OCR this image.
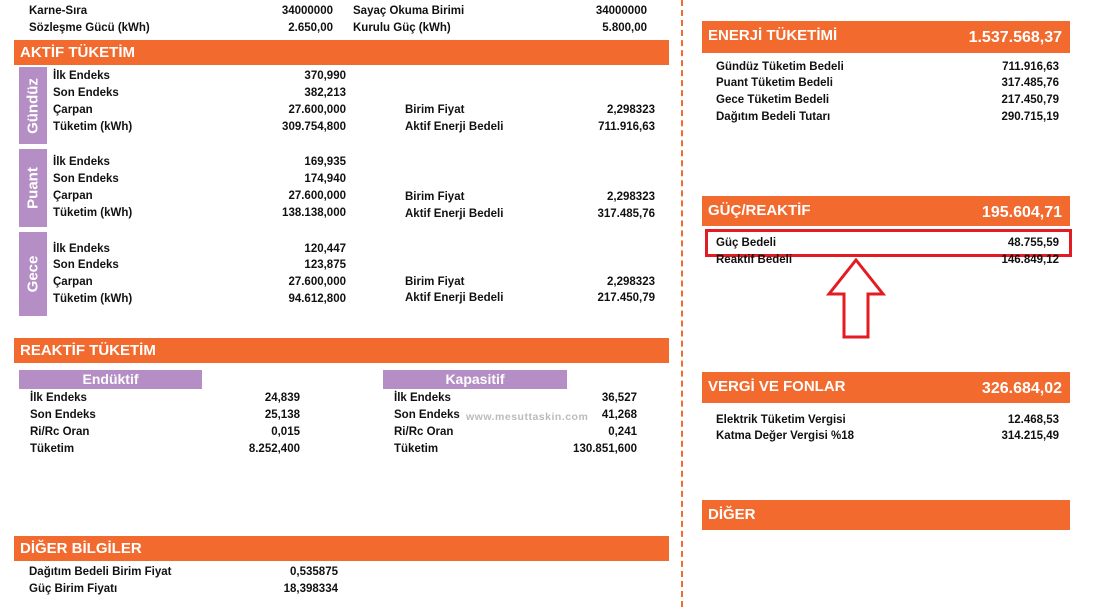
Karne-Sıra	34000000
Sözleşme Gücü (kWh)	2.650,00
Sayaç Okuma Birimi	34000000
Kurulu Güç (kWh)	5.800,00
AKTİF TÜKETİM
Gündüz
İlk Endeks	370,990
Son Endeks	382,213
Çarpan	27.600,000
Tüketim (kWh)	309.754,800
Birim Fiyat	2,298323
Aktif Enerji Bedeli	711.916,63
Puant
İlk Endeks	169,935
Son Endeks	174,940
Çarpan	27.600,000
Tüketim (kWh)	138.138,000
Birim Fiyat	2,298323
Aktif Enerji Bedeli	317.485,76
Gece
İlk Endeks	120,447
Son Endeks	123,875
Çarpan	27.600,000
Tüketim (kWh)	94.612,800
Birim Fiyat	2,298323
Aktif Enerji Bedeli	217.450,79
REAKTİF TÜKETİM
Endüktif
İlk Endeks	24,839
Son Endeks	25,138
Ri/Rc Oran	0,015
Tüketim	8.252,400
Kapasitif
İlk Endeks	36,527
Son Endeks	41,268
Ri/Rc Oran	0,241
Tüketim	130.851,600
www.mesuttaskin.com
DİĞER BİLGİLER
Dağıtım Bedeli Birim Fiyat	0,535875
Güç Birim Fiyatı	18,398334
ENERJİ TÜKETİMİ	1.537.568,37
Gündüz Tüketim Bedeli	711.916,63
Puant Tüketim Bedeli	317.485,76
Gece Tüketim Bedeli	217.450,79
Dağıtım Bedeli Tutarı	290.715,19
GÜÇ/REAKTİF	195.604,71
Güç Bedeli	48.755,59
Reaktif Bedeli	146.849,12
VERGİ VE FONLAR	326.684,02
Elektrik Tüketim Vergisi	12.468,53
Katma Değer Vergisi %18	314.215,49
DİĞER
